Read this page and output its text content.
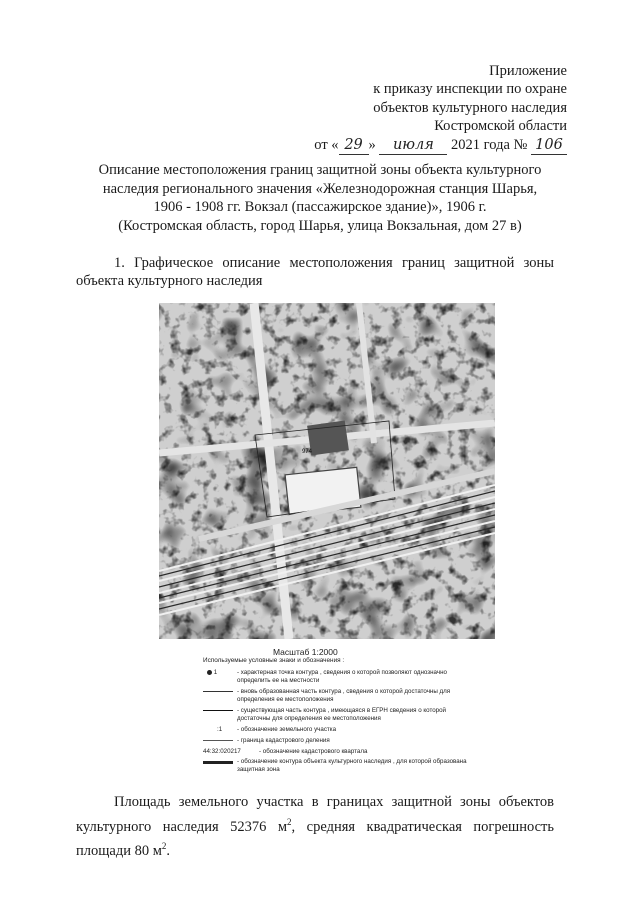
Приложение
к приказу инспекции по охране
объектов культурного наследия
Костромской области
от « 29 » июля 2021 года № 106
Описание местоположения границ защитной зоны объекта культурного
наследия регионального значения «Железнодорожная станция Шарья,
1906 - 1908 гг. Вокзал (пассажирское здание)», 1906 г.
(Костромская область, город Шарья, улица Вокзальная, дом 27 в)
1. Графическое описание местоположения границ защитной зоны объекта культурного наследия
974
Масштаб 1:2000
Используемые условные знаки и обозначения :
1	- характерная точка контура , сведения о которой позволяют однозначно определить ее на местности
- вновь образованная часть контура , сведения о которой достаточны для определения ее местоположения
- существующая часть контура , имеющаяся в ЕГРН сведения о которой достаточны для определения ее местоположения
:1	- обозначение земельного участка
- граница кадастрового деления
44:32:020217	- обозначение кадастрового квартала
- обозначение контура объекта культурного наследия , для которой образована защитная зона
Площадь земельного участка в границах защитной зоны объектов культурного наследия 52376 $м^2$, средняя квадратическая погрешность площади 80 $м^2$.
